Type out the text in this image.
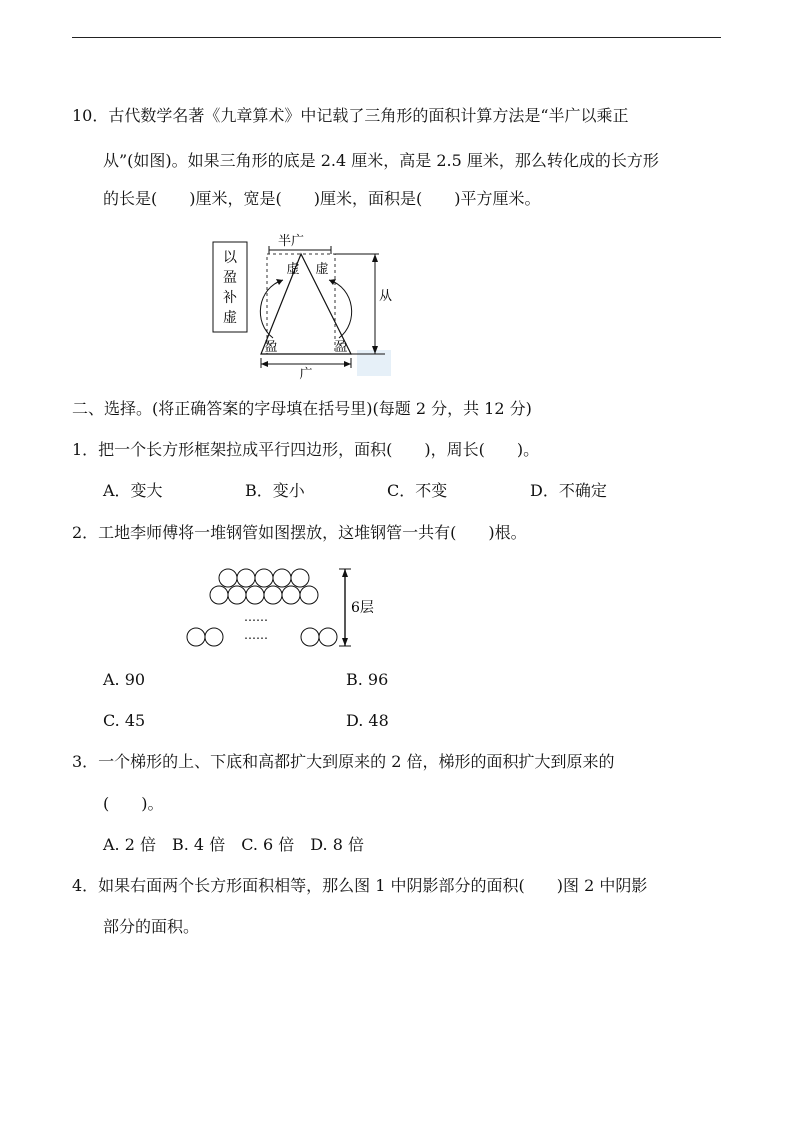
10．古代数学名著《九章算术》中记载了三角形的面积计算方法是“半广以乘正
从”(如图)。如果三角形的底是 2.4 厘米，高是 2.5 厘米，那么转化成的长方形
的长是(　　)厘米，宽是(　　)厘米，面积是(　　)平方厘米。
以
盈
补
虚
半广
虚 虚
盈	盈
从
广
二、选择。(将正确答案的字母填在括号里)(每题 2 分，共 12 分)
1．把一个长方形框架拉成平行四边形，面积(　　)，周长(　　)。
A．变大	B．变小	C．不变	D．不确定
2．工地李师傅将一堆钢管如图摆放，这堆钢管一共有(　　)根。
……
……
6层
A. 90	B. 96
C. 45	D. 48
3．一个梯形的上、下底和高都扩大到原来的 2 倍，梯形的面积扩大到原来的
(　　)。
A. 2 倍　B. 4 倍　C. 6 倍　D. 8 倍
4．如果右面两个长方形面积相等，那么图 1 中阴影部分的面积(　　)图 2 中阴影
部分的面积。
